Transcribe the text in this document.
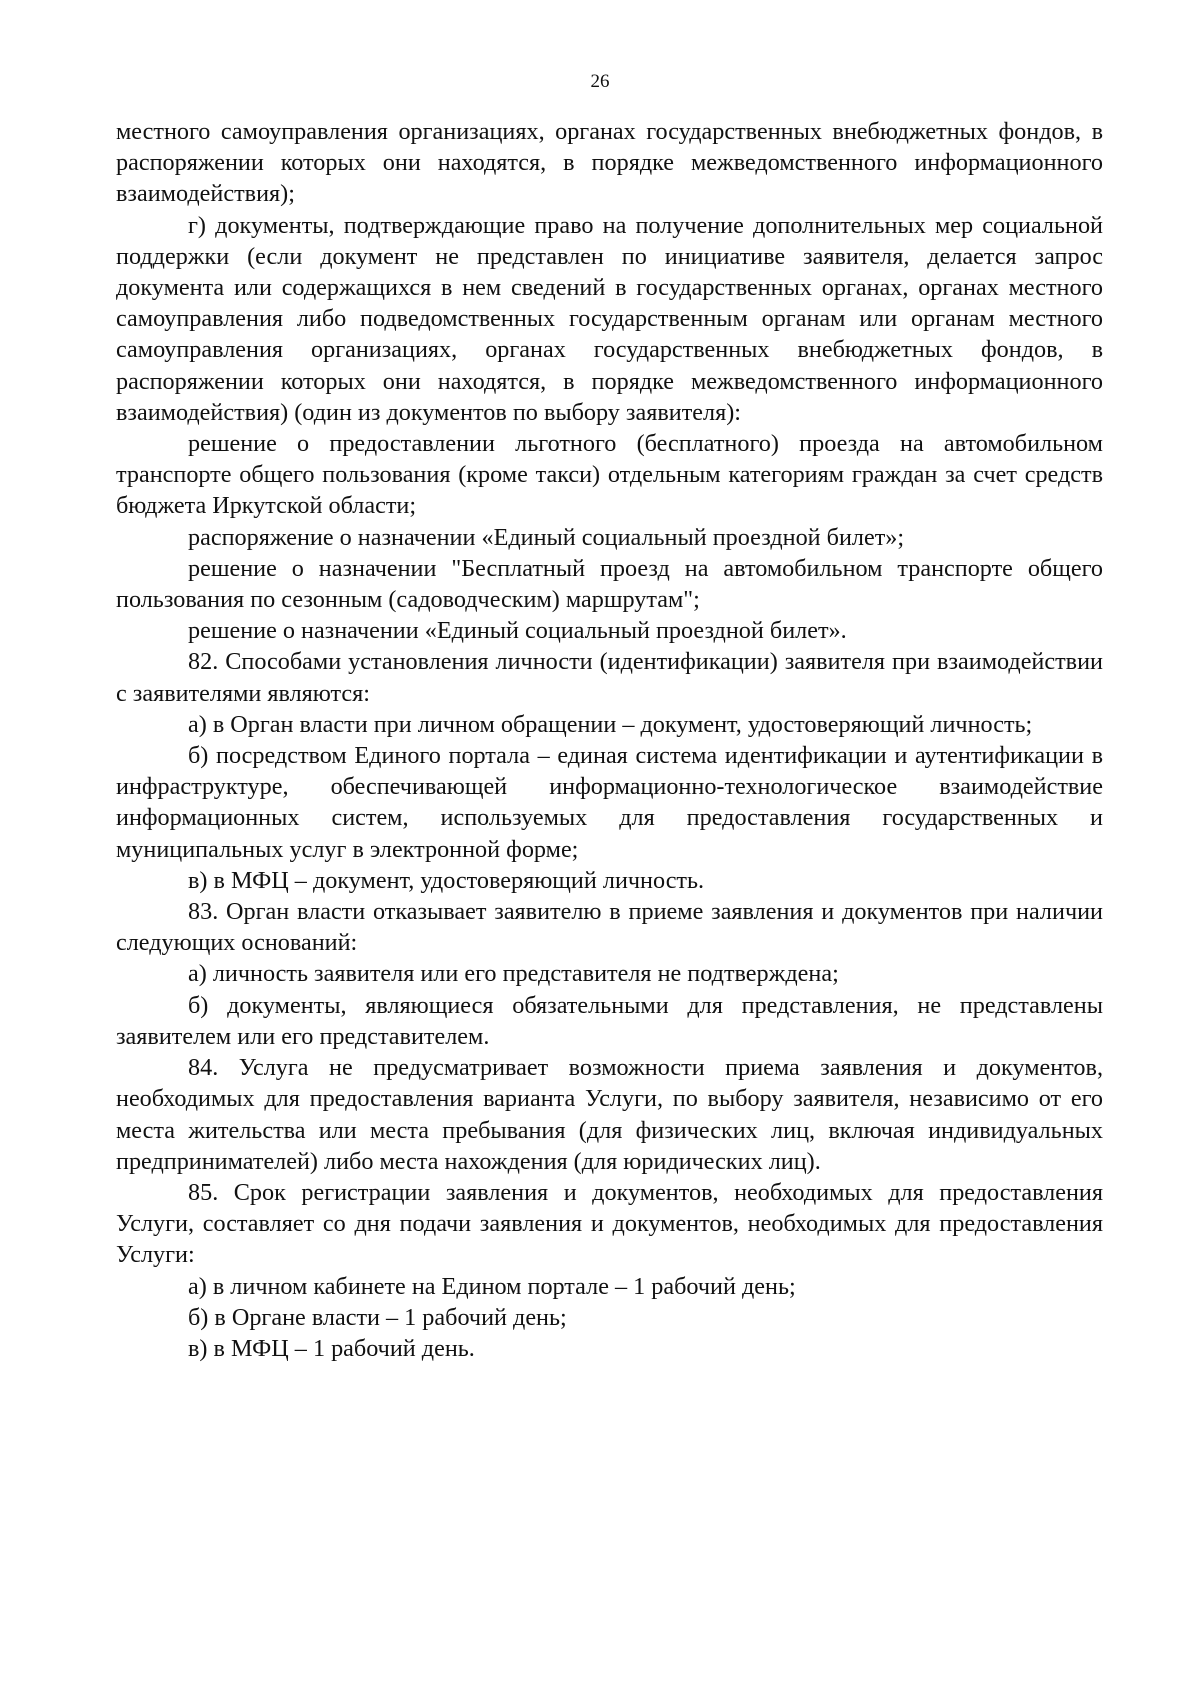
26

местного самоуправления организациях, органах государственных внебюджетных фондов, в распоряжении которых они находятся, в порядке межведомственного информационного взаимодействия);

г) документы, подтверждающие право на получение дополнительных мер социальной поддержки (если документ не представлен по инициативе заявителя, делается запрос документа или содержащихся в нем сведений в государственных органах, органах местного самоуправления либо подведомственных государственным органам или органам местного самоуправления организациях, органах государственных внебюджетных фондов, в распоряжении которых они находятся, в порядке межведомственного информационного взаимодействия) (один из документов по выбору заявителя):

решение о предоставлении льготного (бесплатного) проезда на автомобильном транспорте общего пользования (кроме такси) отдельным категориям граждан за счет средств бюджета Иркутской области;

распоряжение о назначении «Единый социальный проездной билет»;

решение о назначении "Бесплатный проезд на автомобильном транспорте общего пользования по сезонным (садоводческим) маршрутам";

решение о назначении «Единый социальный проездной билет».

82. Способами установления личности (идентификации) заявителя при взаимодействии с заявителями являются:

а) в Орган власти при личном обращении – документ, удостоверяющий личность;

б) посредством Единого портала – единая система идентификации и аутентификации в инфраструктуре, обеспечивающей информационно-технологическое взаимодействие информационных систем, используемых для предоставления государственных и муниципальных услуг в электронной форме;

в) в МФЦ – документ, удостоверяющий личность.

83. Орган власти отказывает заявителю в приеме заявления и документов при наличии следующих оснований:

а) личность заявителя или его представителя не подтверждена;

б) документы, являющиеся обязательными для представления, не представлены заявителем или его представителем.

84. Услуга не предусматривает возможности приема заявления и документов, необходимых для предоставления варианта Услуги, по выбору заявителя, независимо от его места жительства или места пребывания (для физических лиц, включая индивидуальных предпринимателей) либо места нахождения (для юридических лиц).

85. Срок регистрации заявления и документов, необходимых для предоставления Услуги, составляет со дня подачи заявления и документов, необходимых для предоставления Услуги:

а) в личном кабинете на Едином портале – 1 рабочий день;

б) в Органе власти – 1 рабочий день;

в) в МФЦ – 1 рабочий день.
